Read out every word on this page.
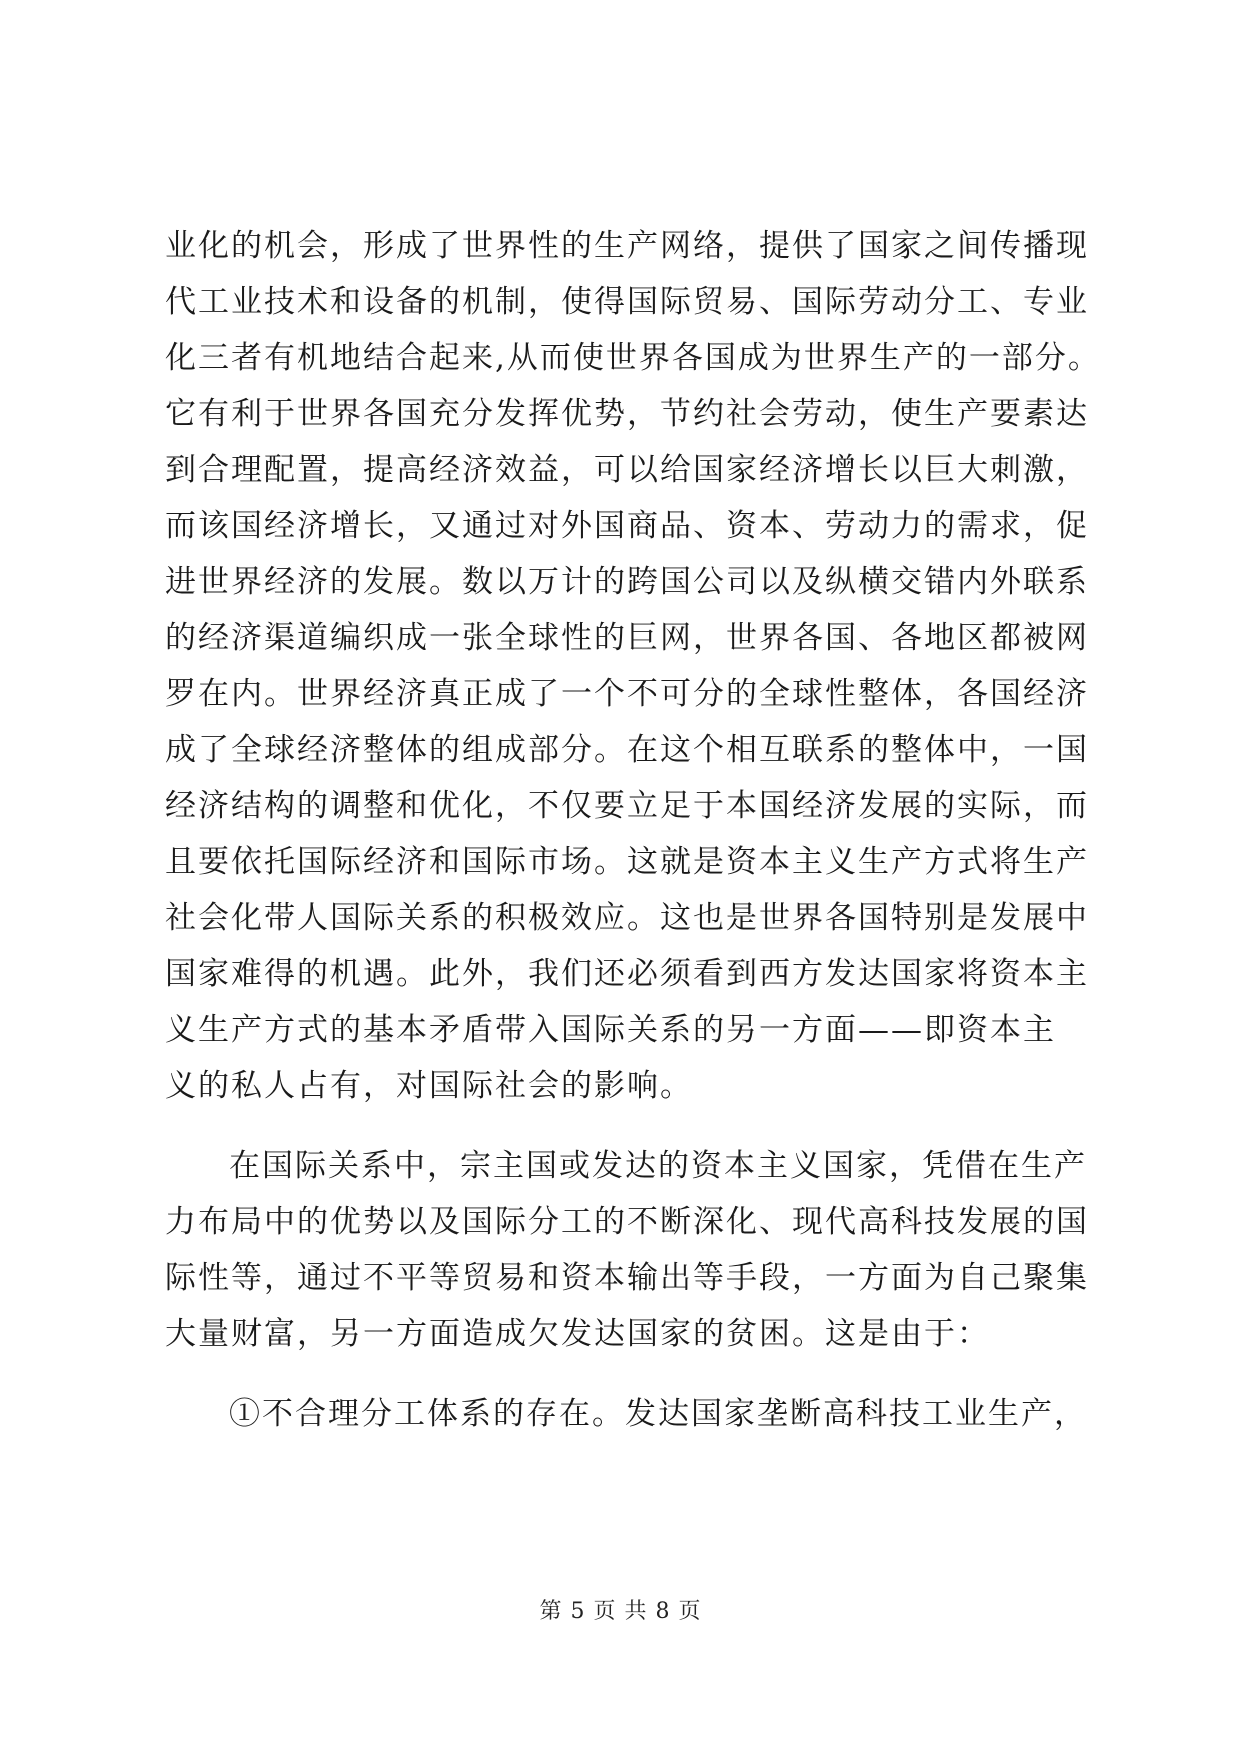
业化的机会，形成了世界性的生产网络，提供了国家之间传播现
代工业技术和设备的机制，使得国际贸易、国际劳动分工、专业
化三者有机地结合起来,从而使世界各国成为世界生产的一部分。
它有利于世界各国充分发挥优势，节约社会劳动，使生产要素达
到合理配置，提高经济效益，可以给国家经济增长以巨大刺激，
而该国经济增长，又通过对外国商品、资本、劳动力的需求，促
进世界经济的发展。数以万计的跨国公司以及纵横交错内外联系
的经济渠道编织成一张全球性的巨网，世界各国、各地区都被网
罗在内。世界经济真正成了一个不可分的全球性整体，各国经济
成了全球经济整体的组成部分。在这个相互联系的整体中，一国
经济结构的调整和优化，不仅要立足于本国经济发展的实际，而
且要依托国际经济和国际市场。这就是资本主义生产方式将生产
社会化带人国际关系的积极效应。这也是世界各国特别是发展中
国家难得的机遇。此外，我们还必须看到西方发达国家将资本主
义生产方式的基本矛盾带入国际关系的另一方面——即资本主
义的私人占有，对国际社会的影响。
在国际关系中，宗主国或发达的资本主义国家，凭借在生产
力布局中的优势以及国际分工的不断深化、现代高科技发展的国
际性等，通过不平等贸易和资本输出等手段，一方面为自己聚集
大量财富，另一方面造成欠发达国家的贫困。这是由于：
①不合理分工体系的存在。发达国家垄断高科技工业生产，
第 5 页 共 8 页
